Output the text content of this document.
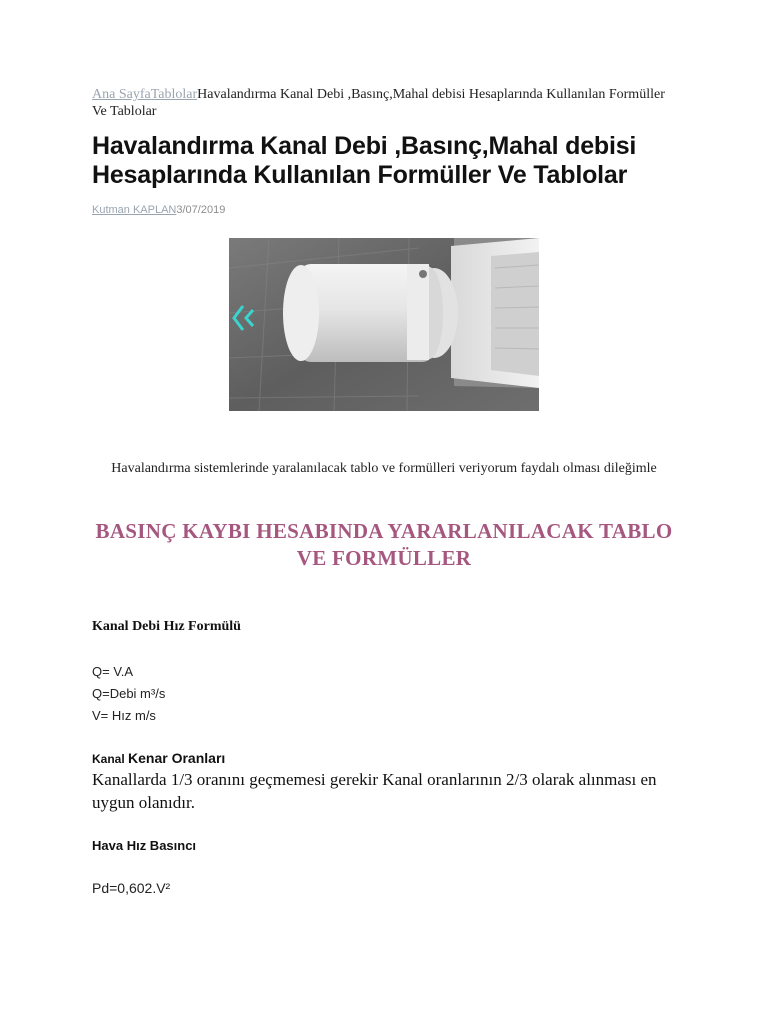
Ana SayfaTablolarHavalandırma Kanal Debi ,Basınç,Mahal debisi Hesaplarında Kullanılan Formüller Ve Tablolar
Havalandırma Kanal Debi ,Basınç,Mahal debisi Hesaplarında Kullanılan Formüller Ve Tablolar
Kutman KAPLAN3/07/2019
Havalandırma sistemlerinde yaralanılacak tablo ve formülleri veriyorum faydalı olması dileğimle
BASINÇ KAYBI HESABINDA YARARLANILACAK TABLO VE FORMÜLLER
Kanal Debi Hız Formülü
Q= V.A
Q=Debi m³/s
V= Hız m/s
Kanal Kenar Oranları

Kanallarda 1/3 oranını geçmemesi gerekir Kanal oranlarının 2/3 olarak alınması en uygun olanıdır.

Hava Hız Basıncı
Pd=0,602.V²
